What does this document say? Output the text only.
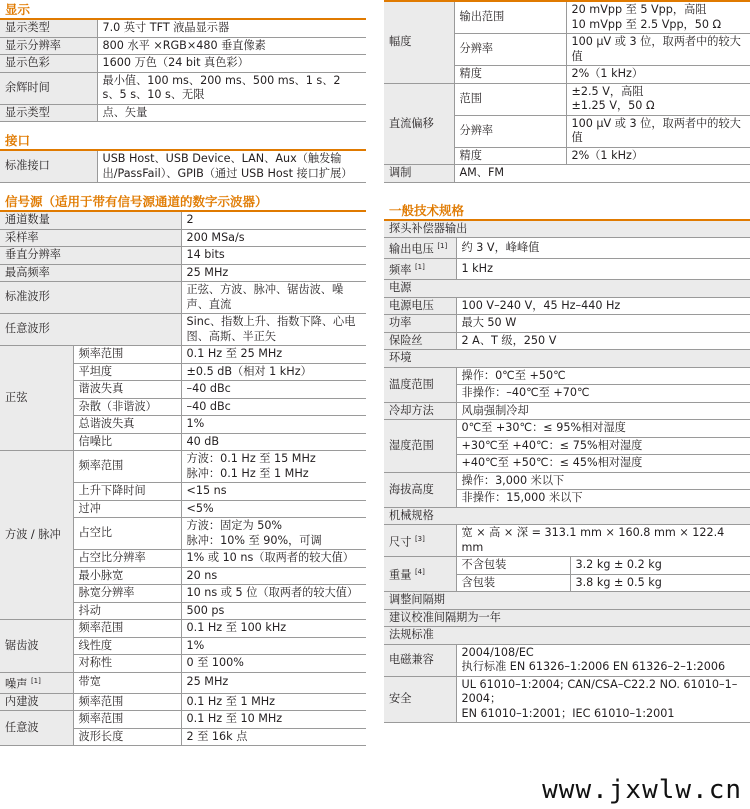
显示
显示类型	7.0 英寸 TFT 液晶显示器
显示分辨率	800 水平 ×RGB×480 垂直像素
显示色彩	1600 万色（24 bit 真色彩）
余辉时间	最小值、100 ms、200 ms、500 ms、1 s、2 s、5 s、10 s、无限
显示类型	点、矢量
接口
标准接口	USB Host、USB Device、LAN、Aux（触发输出/PassFail）、GPIB（通过 USB Host 接口扩展）
信号源（适用于带有信号源通道的数字示波器）
通道数量		2
采样率		200 MSa/s
垂直分辨率		14 bits
最高频率		25 MHz
标准波形		正弦、方波、脉冲、锯齿波、噪声、直流
任意波形		Sinc、指数上升、指数下降、心电图、高斯、半正矢
正弦	频率范围	0.1 Hz 至 25 MHz
	平坦度	±0.5 dB（相对 1 kHz）
	谐波失真	–40 dBc
	杂散（非谐波）	–40 dBc
	总谐波失真	1%
	信噪比	40 dB
方波 / 脉冲	频率范围	方波：0.1 Hz 至 15 MHz
脉冲：0.1 Hz 至 1 MHz
	上升下降时间	<15 ns
	过冲	<5%
	占空比	方波：固定为 50%
脉冲：10% 至 90%，可调
	占空比分辨率	1% 或 10 ns（取两者的较大值）
	最小脉宽	20 ns
	脉宽分辨率	10 ns 或 5 位（取两者的较大值）
	抖动	500 ps
锯齿波	频率范围	0.1 Hz 至 100 kHz
	线性度	1%
	对称性	0 至 100%
噪声 [1]	带宽	25 MHz
内建波	频率范围	0.1 Hz 至 1 MHz
任意波	频率范围	0.1 Hz 至 10 MHz
	波形长度	2 至 16k 点
幅度	输出范围	20 mVpp 至 5 Vpp，高阻
10 mVpp 至 2.5 Vpp，50 Ω
	分辨率	100 μV 或 3 位，取两者中的较大值
	精度	2%（1 kHz）
直流偏移	范围	±2.5 V，高阻
±1.25 V，50 Ω
	分辨率	100 μV 或 3 位，取两者中的较大值
	精度	2%（1 kHz）
调制	AM、FM	
一般技术规格
探头补偿器输出		
输出电压 [1]	约 3 V，峰峰值	
频率 [1]	1 kHz	
电源		
电源电压	100 V–240 V，45 Hz–440 Hz	
功率	最大 50 W	
保险丝	2 A、T 级，250 V	
环境		
温度范围	操作：0℃至 +50℃	
	非操作：–40℃至 +70℃	
冷却方法	风扇强制冷却	
湿度范围	0℃至 +30℃：≤ 95%相对湿度	
	+30℃至 +40℃：≤ 75%相对湿度	
	+40℃至 +50℃：≤ 45%相对湿度	
海拔高度	操作：3,000 米以下	
	非操作：15,000 米以下	
机械规格		
尺寸 [3]	宽 × 高 × 深 = 313.1 mm × 160.8 mm × 122.4 mm	
重量 [4]	不含包装	3.2 kg ± 0.2 kg
	含包装	3.8 kg ± 0.5 kg
调整间隔期		
建议校准间隔期为一年		
法规标准		
电磁兼容	2004/108/EC
执行标准 EN 61326–1:2006 EN 61326–2–1:2006	
安全	UL 61010–1:2004; CAN/CSA–C22.2 NO. 61010–1–2004；
EN 61010–1:2001；IEC 61010–1:2001	
www.jxwlw.cn
